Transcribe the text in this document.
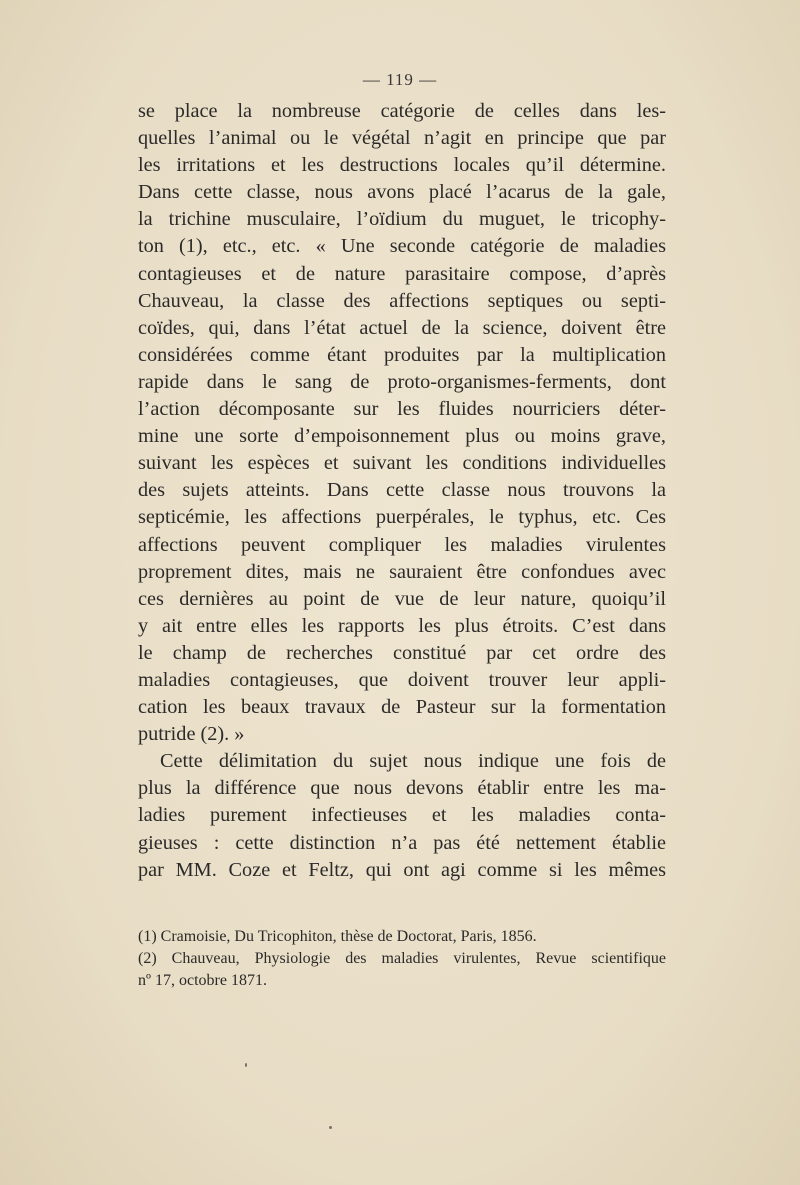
— 119 —
se place la nombreuse catégorie de celles dans les-
quelles l’animal ou le végétal n’agit en principe que par
les irritations et les destructions locales qu’il détermine.
Dans cette classe, nous avons placé l’acarus de la gale,
la trichine musculaire, l’oïdium du muguet, le tricophy-
ton (1), etc., etc. « Une seconde catégorie de maladies
contagieuses et de nature parasitaire compose, d’après
Chauveau, la classe des affections septiques ou septi-
coïdes, qui, dans l’état actuel de la science, doivent être
considérées comme étant produites par la multiplication
rapide dans le sang de proto-organismes-ferments, dont
l’action décomposante sur les fluides nourriciers déter-
mine une sorte d’empoisonnement plus ou moins grave,
suivant les espèces et suivant les conditions individuelles
des sujets atteints. Dans cette classe nous trouvons la
septicémie, les affections puerpérales, le typhus, etc. Ces
affections peuvent compliquer les maladies virulentes
proprement dites, mais ne sauraient être confondues avec
ces dernières au point de vue de leur nature, quoiqu’il
y ait entre elles les rapports les plus étroits. C’est dans
le champ de recherches constitué par cet ordre des
maladies contagieuses, que doivent trouver leur appli-
cation les beaux travaux de Pasteur sur la formentation
putride (2). »
Cette délimitation du sujet nous indique une fois de
plus la différence que nous devons établir entre les ma-
ladies purement infectieuses et les maladies conta-
gieuses : cette distinction n’a pas été nettement établie
par MM. Coze et Feltz, qui ont agi comme si les mêmes
(1) Cramoisie, Du Tricophiton, thèse de Doctorat, Paris, 1856.
(2) Chauveau, Physiologie des maladies virulentes, Revue scientifique
nº 17, octobre 1871.
